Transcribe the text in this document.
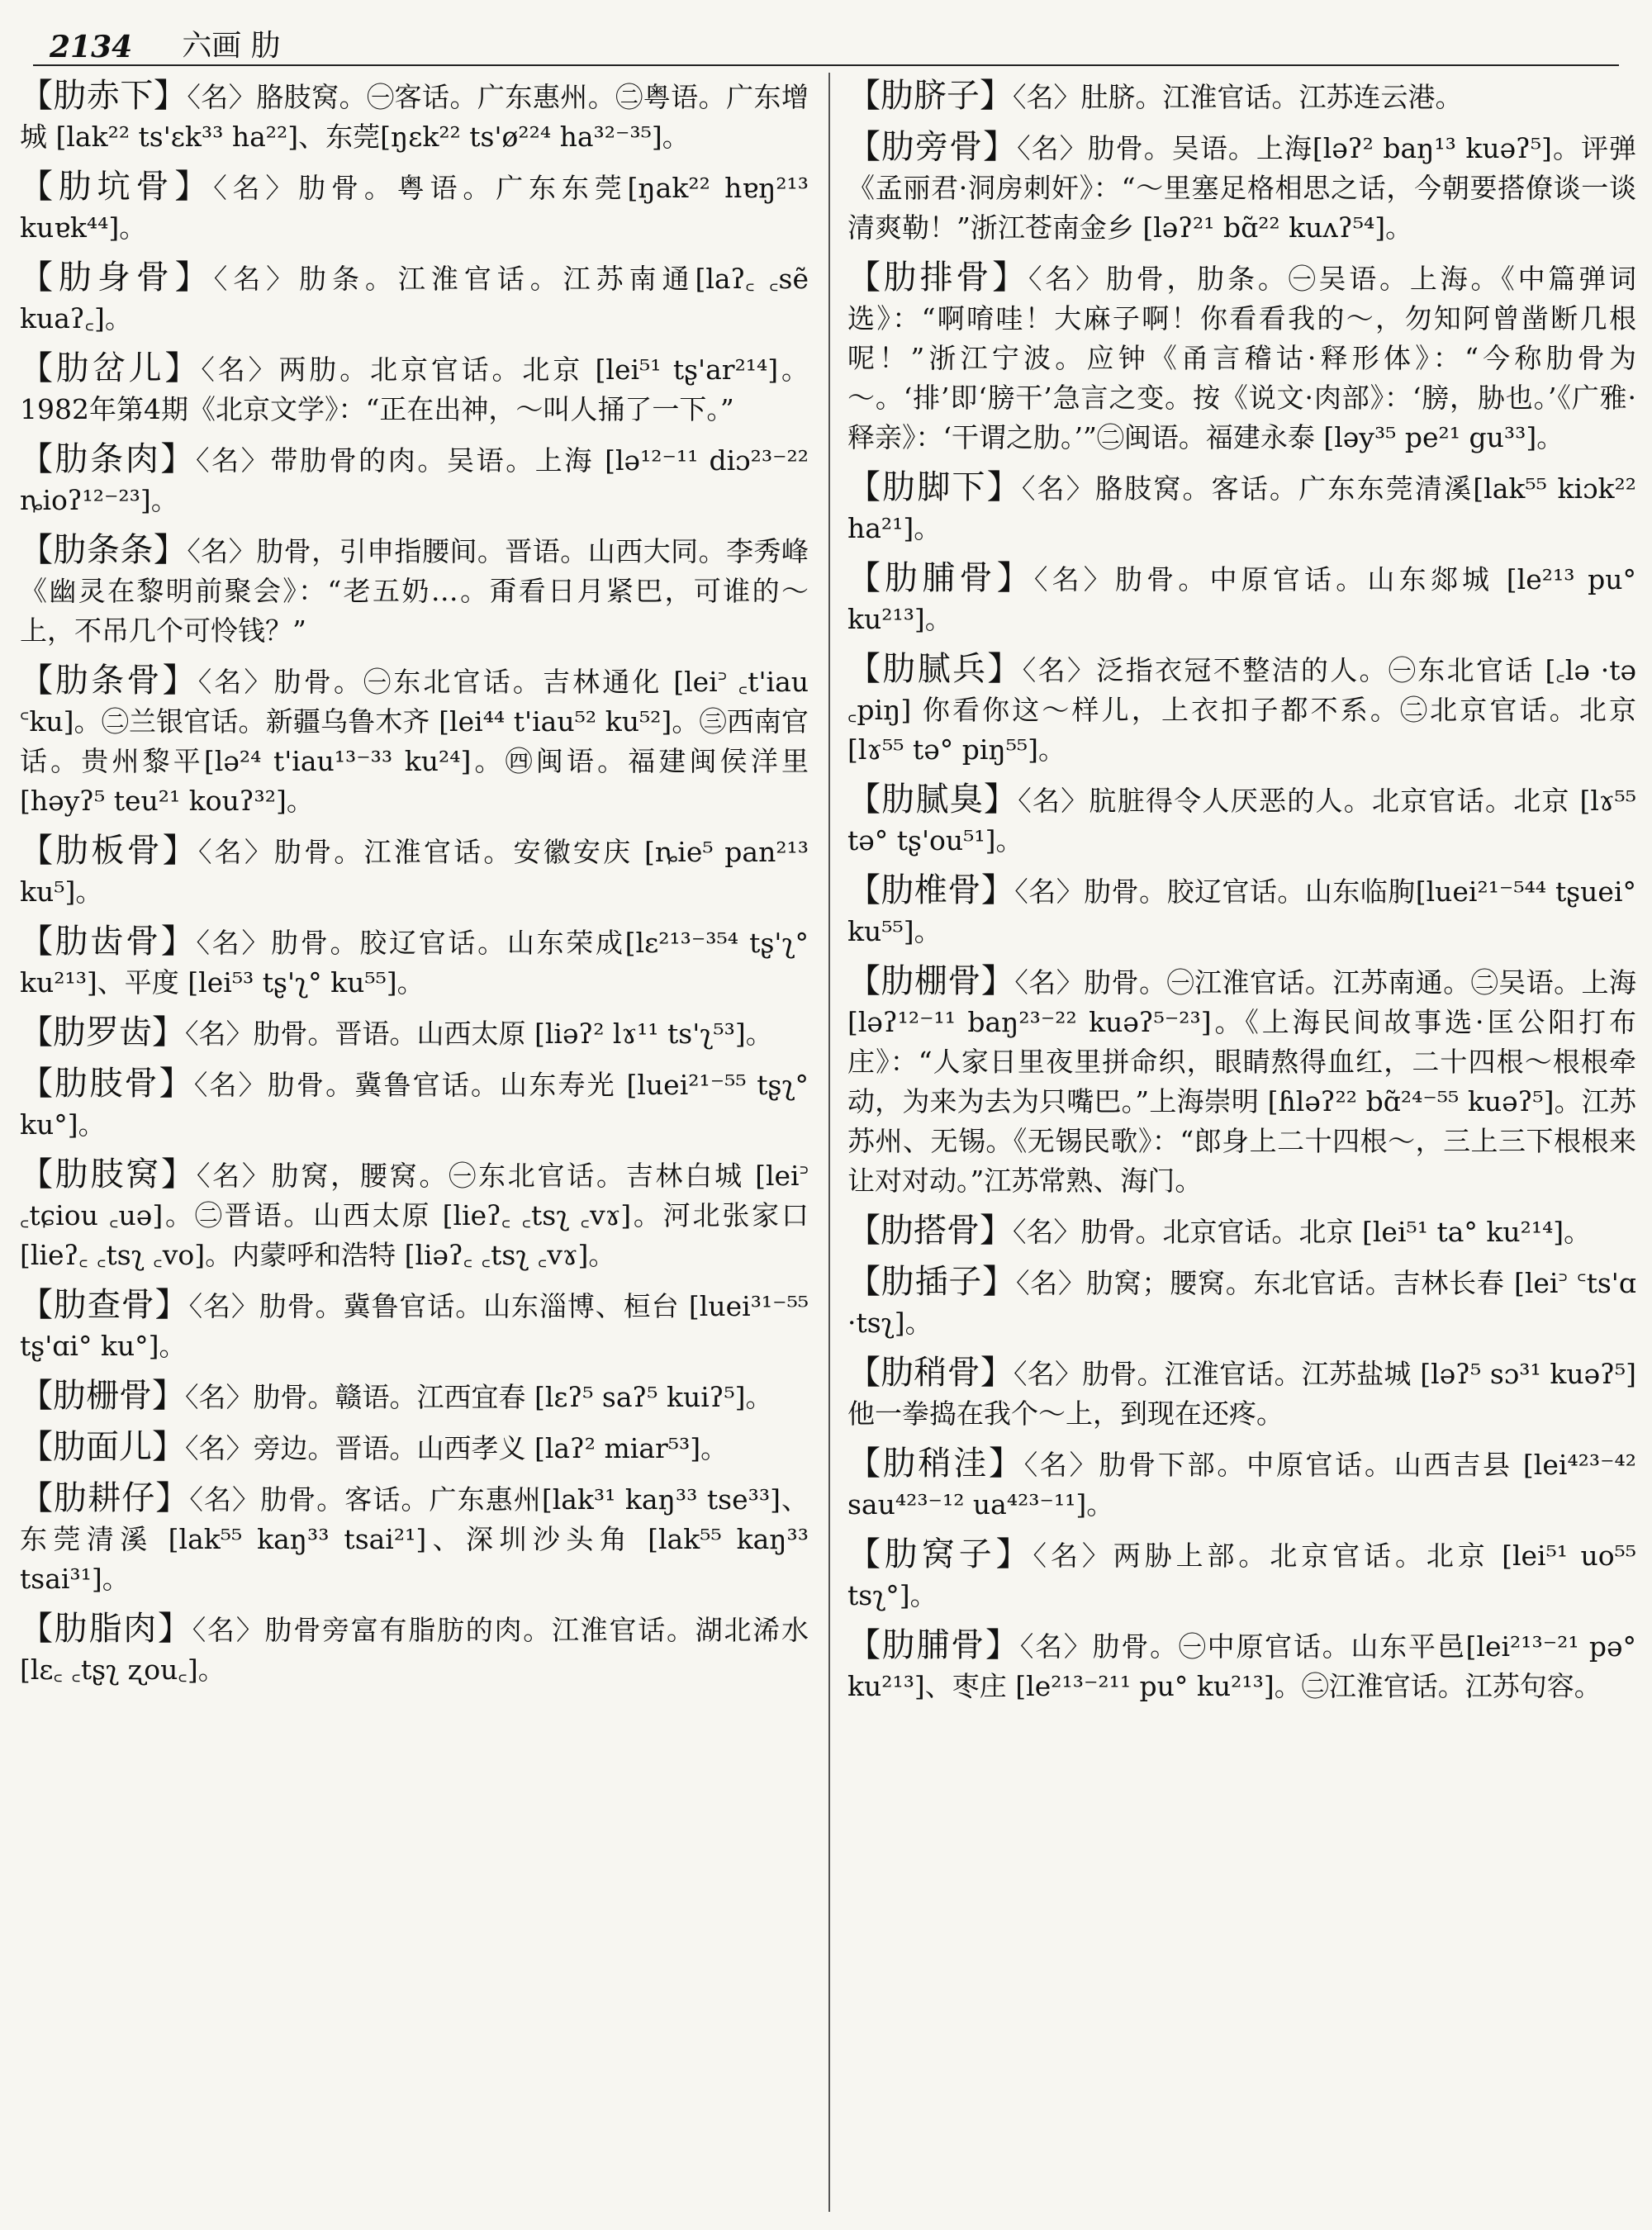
2134 六画 肋

【肋赤下】〈名〉胳肢窝。㊀客话。广东惠州。㊁粤语。广东增城 [lak²² ts'ɛk³³ ha²²]、东莞[ŋɛk²² ts'ø²²⁴ ha³²⁻³⁵]。

【肋坑骨】〈名〉肋骨。粤语。广东东莞[ŋak²² hɐŋ²¹³ kuɐk⁴⁴]。

【肋身骨】〈名〉肋条。江淮官话。江苏南通[laʔ꜀ ꜀sẽ kuaʔ꜀]。

【肋岔儿】〈名〉两肋。北京官话。北京 [lei⁵¹ tʂ'ar²¹⁴]。1982年第4期《北京文学》：“正在出神，～叫人捅了一下。”

【肋条肉】〈名〉带肋骨的肉。吴语。上海 [lə¹²⁻¹¹ diɔ²³⁻²² ȵioʔ¹²⁻²³]。

【肋条条】〈名〉肋骨，引申指腰间。晋语。山西大同。李秀峰《幽灵在黎明前聚会》：“老五奶…。甭看日月紧巴，可谁的～上，不吊几个可怜钱？”

【肋条骨】〈名〉肋骨。㊀东北官话。吉林通化 [lei꜄ ꜀t'iau ꜂ku]。㊁兰银官话。新疆乌鲁木齐 [lei⁴⁴ t'iau⁵² ku⁵²]。㊂西南官话。贵州黎平[lə²⁴ t'iau¹³⁻³³ ku²⁴]。㊃闽语。福建闽侯洋里[həyʔ⁵ teu²¹ kouʔ³²]。

【肋板骨】〈名〉肋骨。江淮官话。安徽安庆 [ȵie⁵ pan²¹³ ku⁵]。

【肋齿骨】〈名〉肋骨。胶辽官话。山东荣成[lɛ²¹³⁻³⁵⁴ tʂ'ʅ° ku²¹³]、平度 [lei⁵³ tʂ'ʅ° ku⁵⁵]。

【肋罗齿】〈名〉肋骨。晋语。山西太原 [liəʔ² lɤ¹¹ ts'ʅ⁵³]。

【肋肢骨】〈名〉肋骨。冀鲁官话。山东寿光 [luei²¹⁻⁵⁵ tʂʅ° ku°]。

【肋肢窝】〈名〉肋窝，腰窝。㊀东北官话。吉林白城 [lei꜄ ꜀tɕiou ꜀uə]。㊁晋语。山西太原 [lieʔ꜀ ꜀tsʅ ꜀vɤ]。河北张家口 [lieʔ꜀ ꜀tsʅ ꜀vo]。内蒙呼和浩特 [liəʔ꜀ ꜀tsʅ ꜀vɤ]。

【肋查骨】〈名〉肋骨。冀鲁官话。山东淄博、桓台 [luei³¹⁻⁵⁵ tʂ'ɑi° ku°]。

【肋栅骨】〈名〉肋骨。赣语。江西宜春 [lɛʔ⁵ saʔ⁵ kuiʔ⁵]。

【肋面儿】〈名〉旁边。晋语。山西孝义 [laʔ² miar⁵³]。

【肋耕仔】〈名〉肋骨。客话。广东惠州[lak³¹ kaŋ³³ tse³³]、东莞清溪 [lak⁵⁵ kaŋ³³ tsai²¹]、深圳沙头角 [lak⁵⁵ kaŋ³³ tsai³¹]。

【肋脂肉】〈名〉肋骨旁富有脂肪的肉。江淮官话。湖北浠水 [lɛ꜀ ꜀tʂʅ ʐou꜀]。

【肋脐子】〈名〉肚脐。江淮官话。江苏连云港。

【肋旁骨】〈名〉肋骨。吴语。上海[ləʔ² baŋ¹³ kuəʔ⁵]。评弹《孟丽君·洞房刺奸》：“～里塞足格相思之话，今朝要搭僚谈一谈清爽勒！”浙江苍南金乡 [ləʔ²¹ bɑ̃²² kuʌʔ⁵⁴]。

【肋排骨】〈名〉肋骨，肋条。㊀吴语。上海。《中篇弹词选》：“啊唷哇！大麻子啊！你看看我的～，勿知阿曾凿断几根呢！”浙江宁波。应钟《甬言稽诂·释形体》：“今称肋骨为～。‘排’即‘膀干’急言之变。按《说文·肉部》：‘膀，胁也。’《广雅·释亲》：‘干谓之肋。’”㊁闽语。福建永泰 [ləy³⁵ pe²¹ gu³³]。

【肋脚下】〈名〉胳肢窝。客话。广东东莞清溪[lak⁵⁵ kiɔk²² ha²¹]。

【肋脯骨】〈名〉肋骨。中原官话。山东郯城 [le²¹³ pu° ku²¹³]。

【肋腻兵】〈名〉泛指衣冠不整洁的人。㊀东北官话 [꜀lə ·tə ꜀piŋ] 你看你这～样儿，上衣扣子都不系。㊁北京官话。北京 [lɤ⁵⁵ tə° piŋ⁵⁵]。

【肋腻臭】〈名〉肮脏得令人厌恶的人。北京官话。北京 [lɤ⁵⁵ tə° tʂ'ou⁵¹]。

【肋椎骨】〈名〉肋骨。胶辽官话。山东临朐[luei²¹⁻⁵⁴⁴ tʂuei° ku⁵⁵]。

【肋棚骨】〈名〉肋骨。㊀江淮官话。江苏南通。㊁吴语。上海 [ləʔ¹²⁻¹¹ baŋ²³⁻²² kuəʔ⁵⁻²³]。《上海民间故事选·匡公阳打布庄》：“人家日里夜里拼命织，眼睛熬得血红，二十四根～根根牵动，为来为去为只嘴巴。”上海崇明 [ɦləʔ²² bɑ̃²⁴⁻⁵⁵ kuəʔ⁵]。江苏苏州、无锡。《无锡民歌》：“郎身上二十四根～，三上三下根根来让对对动。”江苏常熟、海门。

【肋搭骨】〈名〉肋骨。北京官话。北京 [lei⁵¹ ta° ku²¹⁴]。

【肋插子】〈名〉肋窝；腰窝。东北官话。吉林长春 [lei꜄ ꜂ts'ɑ ·tsʅ]。

【肋稍骨】〈名〉肋骨。江淮官话。江苏盐城 [ləʔ⁵ sɔ³¹ kuəʔ⁵] 他一拳捣在我个～上，到现在还疼。

【肋稍洼】〈名〉肋骨下部。中原官话。山西吉县 [lei⁴²³⁻⁴² sau⁴²³⁻¹² ua⁴²³⁻¹¹]。

【肋窝子】〈名〉两胁上部。北京官话。北京 [lei⁵¹ uo⁵⁵ tsʅ°]。

【肋脯骨】〈名〉肋骨。㊀中原官话。山东平邑[lei²¹³⁻²¹ pə° ku²¹³]、枣庄 [le²¹³⁻²¹¹ pu° ku²¹³]。㊁江淮官话。江苏句容。
